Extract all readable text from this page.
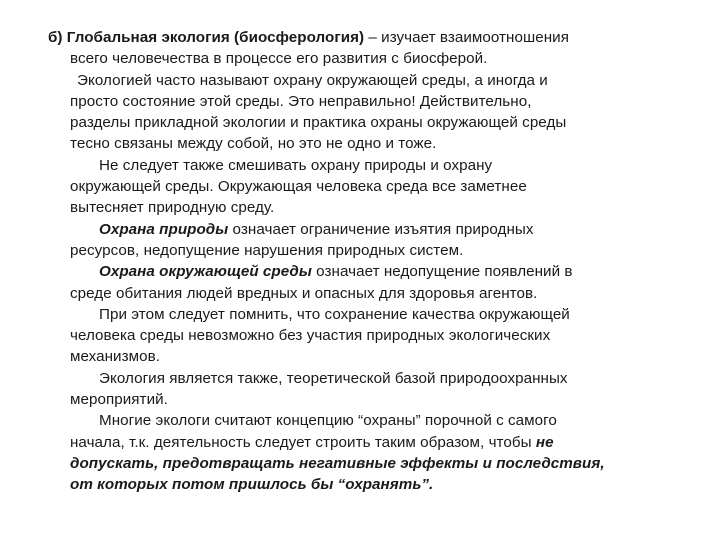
б) Глобальная экология (биосферология) – изучает взаимоотношения
всего человечества в процессе его развития с биосферой.
Экологией часто называют охрану окружающей среды, а иногда и
просто состояние этой среды. Это неправильно! Действительно,
разделы прикладной экологии и практика охраны окружающей среды
тесно связаны между собой, но это не одно и тоже.
Не следует также смешивать охрану природы и охрану
окружающей среды. Окружающая человека среда все заметнее
вытесняет природную среду.
Охрана природы означает ограничение изъятия природных
ресурсов, недопущение нарушения природных систем.
Охрана окружающей среды означает недопущение появлений в
среде обитания людей вредных и опасных для здоровья агентов.
При этом следует помнить, что сохранение качества окружающей
человека среды невозможно без участия природных экологических
механизмов.
Экология является также, теоретической базой природоохранных
мероприятий.
Многие экологи считают концепцию “охраны” порочной с самого
начала, т.к. деятельность следует строить таким образом, чтобы не
допускать, предотвращать негативные эффекты и последствия,
от которых потом пришлось бы “охранять”.
